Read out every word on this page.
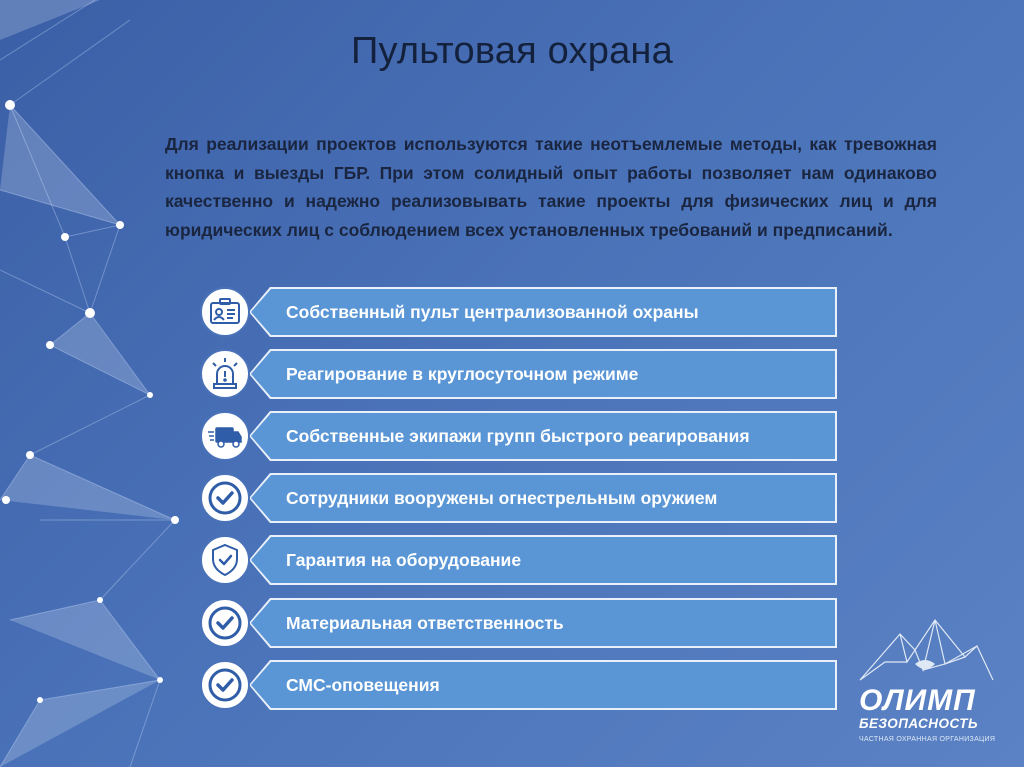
Пультовая охрана

Для реализации проектов используются такие неотъемлемые методы, как тревожная кнопка и выезды ГБР. При этом солидный опыт работы позволяет нам одинаково качественно и надежно реализовывать такие проекты для физических лиц и для юридических лиц с соблюдением всех установленных требований и предписаний.

Собственный пульт централизованной охраны
Реагирование в круглосуточном режиме
Собственные экипажи групп быстрого реагирования
Сотрудники вооружены огнестрельным оружием
Гарантия на оборудование
Материальная ответственность
СМС-оповещения	ОЛИМП
БЕЗОПАСНОСТЬ
ЧАСТНАЯ ОХРАННАЯ ОРГАНИЗАЦИЯ
